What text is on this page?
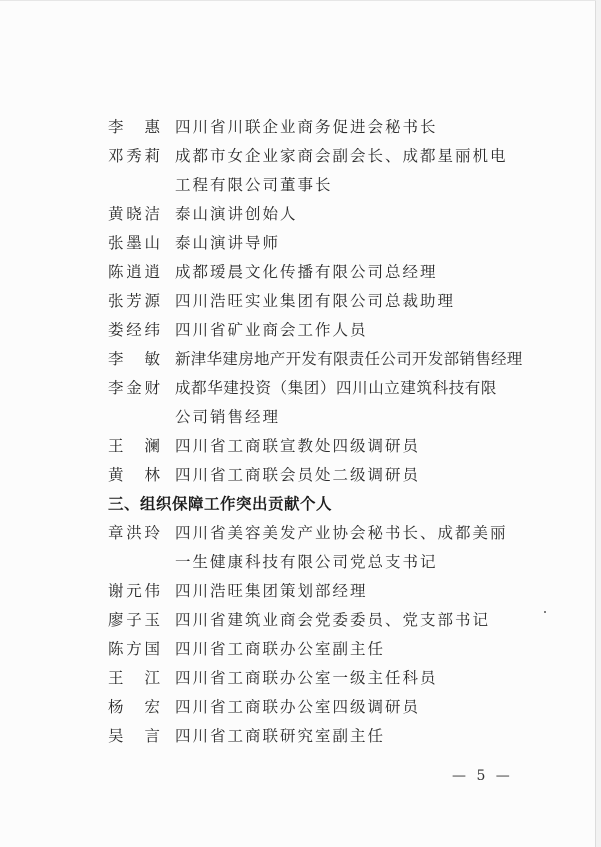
李　惠 四川省川联企业商务促进会秘书长
邓秀莉 成都市女企业家商会副会长、成都星丽机电
工程有限公司董事长
黄晓洁 泰山演讲创始人
张墨山 泰山演讲导师
陈逍逍 成都瑷晨文化传播有限公司总经理
张芳源 四川浩旺实业集团有限公司总裁助理
娄经纬 四川省矿业商会工作人员
李　敏 新津华建房地产开发有限责任公司开发部销售经理
李金财 成都华建投资（集团）四川山立建筑科技有限
公司销售经理
王　澜 四川省工商联宣教处四级调研员
黄　林 四川省工商联会员处二级调研员
三、组织保障工作突出贡献个人
章洪玲 四川省美容美发产业协会秘书长、成都美丽
一生健康科技有限公司党总支书记
谢元伟 四川浩旺集团策划部经理
廖子玉 四川省建筑业商会党委委员、党支部书记
陈方国 四川省工商联办公室副主任
王　江 四川省工商联办公室一级主任科员
杨　宏 四川省工商联办公室四级调研员
吴　言 四川省工商联研究室副主任
— 5 —
